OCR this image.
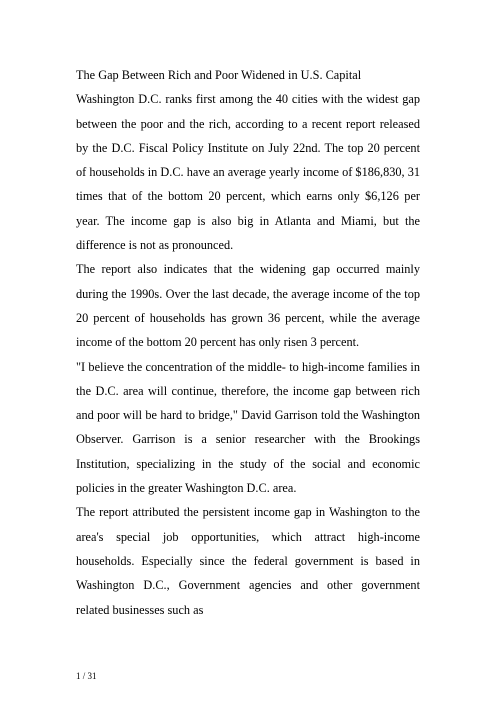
The Gap Between Rich and Poor Widened in U.S. Capital

Washington D.C. ranks first among the 40 cities with the widest gap between the poor and the rich, according to a recent report released by the D.C. Fiscal Policy Institute on July 22nd. The top 20 percent of households in D.C. have an average yearly income of $186,830, 31 times that of the bottom 20 percent, which earns only $6,126 per year. The income gap is also big in Atlanta and Miami, but the difference is not as pronounced.

The report also indicates that the widening gap occurred mainly during the 1990s. Over the last decade, the average income of the top 20 percent of households has grown 36 percent, while the average income of the bottom 20 percent has only risen 3 percent.

"I believe the concentration of the middle- to high-income families in the D.C. area will continue, therefore, the income gap between rich and poor will be hard to bridge," David Garrison told the Washington Observer. Garrison is a senior researcher with the Brookings Institution, specializing in the study of the social and economic policies in the greater Washington D.C. area.

The report attributed the persistent income gap in Washington to the area's special job opportunities, which attract high-income households. Especially since the federal government is based in Washington D.C., Government agencies and other government related businesses such as

1 / 31
